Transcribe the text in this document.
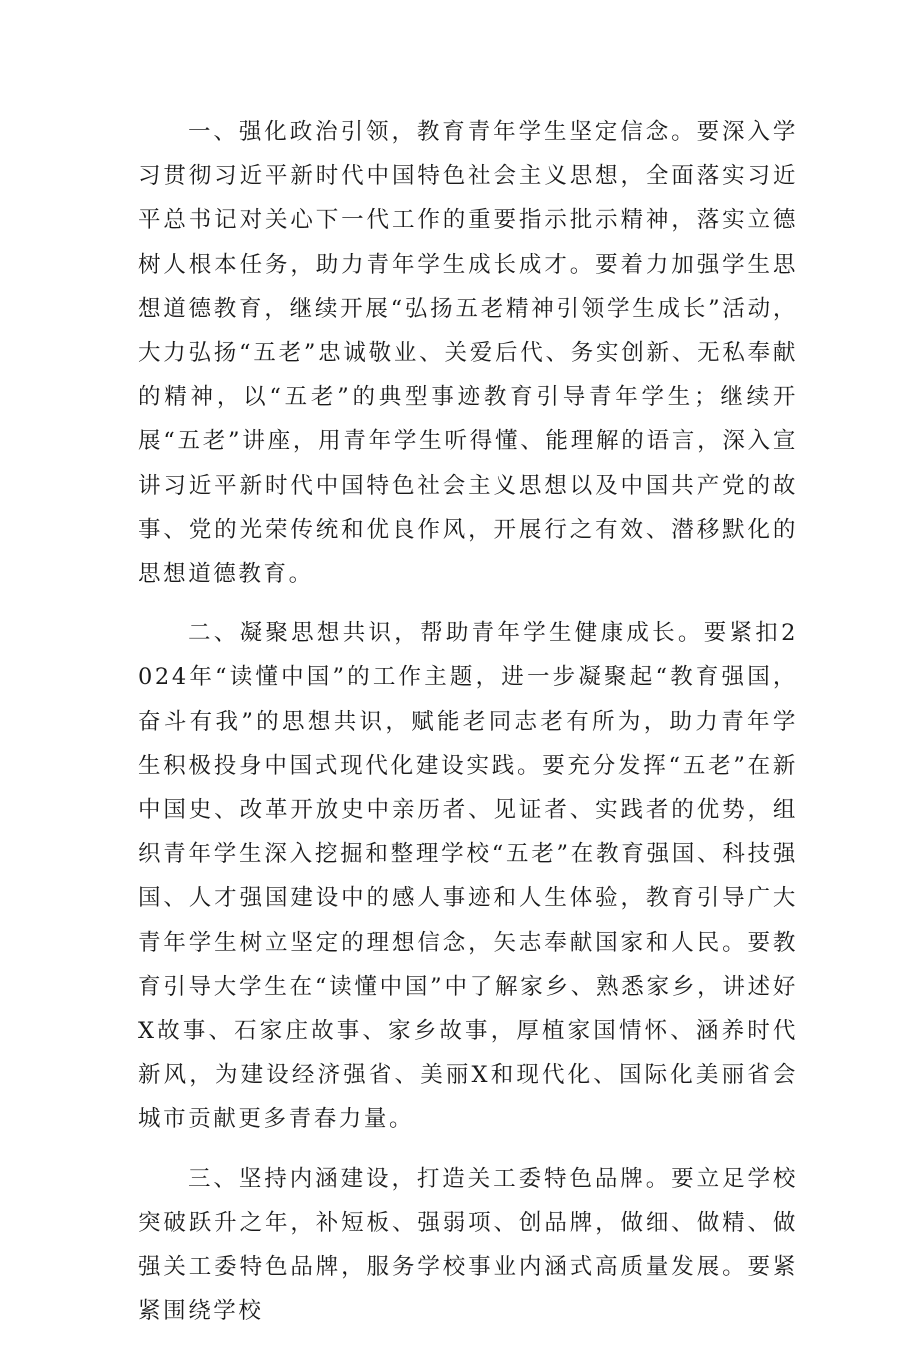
一、强化政治引领，教育青年学生坚定信念。要深入学习贯彻习近平新时代中国特色社会主义思想，全面落实习近平总书记对关心下一代工作的重要指示批示精神，落实立德树人根本任务，助力青年学生成长成才。要着力加强学生思想道德教育，继续开展“弘扬五老精神引领学生成长”活动，大力弘扬“五老”忠诚敬业、关爱后代、务实创新、无私奉献的精神，以“五老”的典型事迹教育引导青年学生；继续开展“五老”讲座，用青年学生听得懂、能理解的语言，深入宣讲习近平新时代中国特色社会主义思想以及中国共产党的故事、党的光荣传统和优良作风，开展行之有效、潜移默化的思想道德教育。

二、凝聚思想共识，帮助青年学生健康成长。要紧扣2024年“读懂中国”的工作主题，进一步凝聚起“教育强国，奋斗有我”的思想共识，赋能老同志老有所为，助力青年学生积极投身中国式现代化建设实践。要充分发挥“五老”在新中国史、改革开放史中亲历者、见证者、实践者的优势，组织青年学生深入挖掘和整理学校“五老”在教育强国、科技强国、人才强国建设中的感人事迹和人生体验，教育引导广大青年学生树立坚定的理想信念，矢志奉献国家和人民。要教育引导大学生在“读懂中国”中了解家乡、熟悉家乡，讲述好X故事、石家庄故事、家乡故事，厚植家国情怀、涵养时代新风，为建设经济强省、美丽X和现代化、国际化美丽省会城市贡献更多青春力量。

三、坚持内涵建设，打造关工委特色品牌。要立足学校突破跃升之年，补短板、强弱项、创品牌，做细、做精、做强关工委特色品牌，服务学校事业内涵式高质量发展。要紧紧围绕学校
